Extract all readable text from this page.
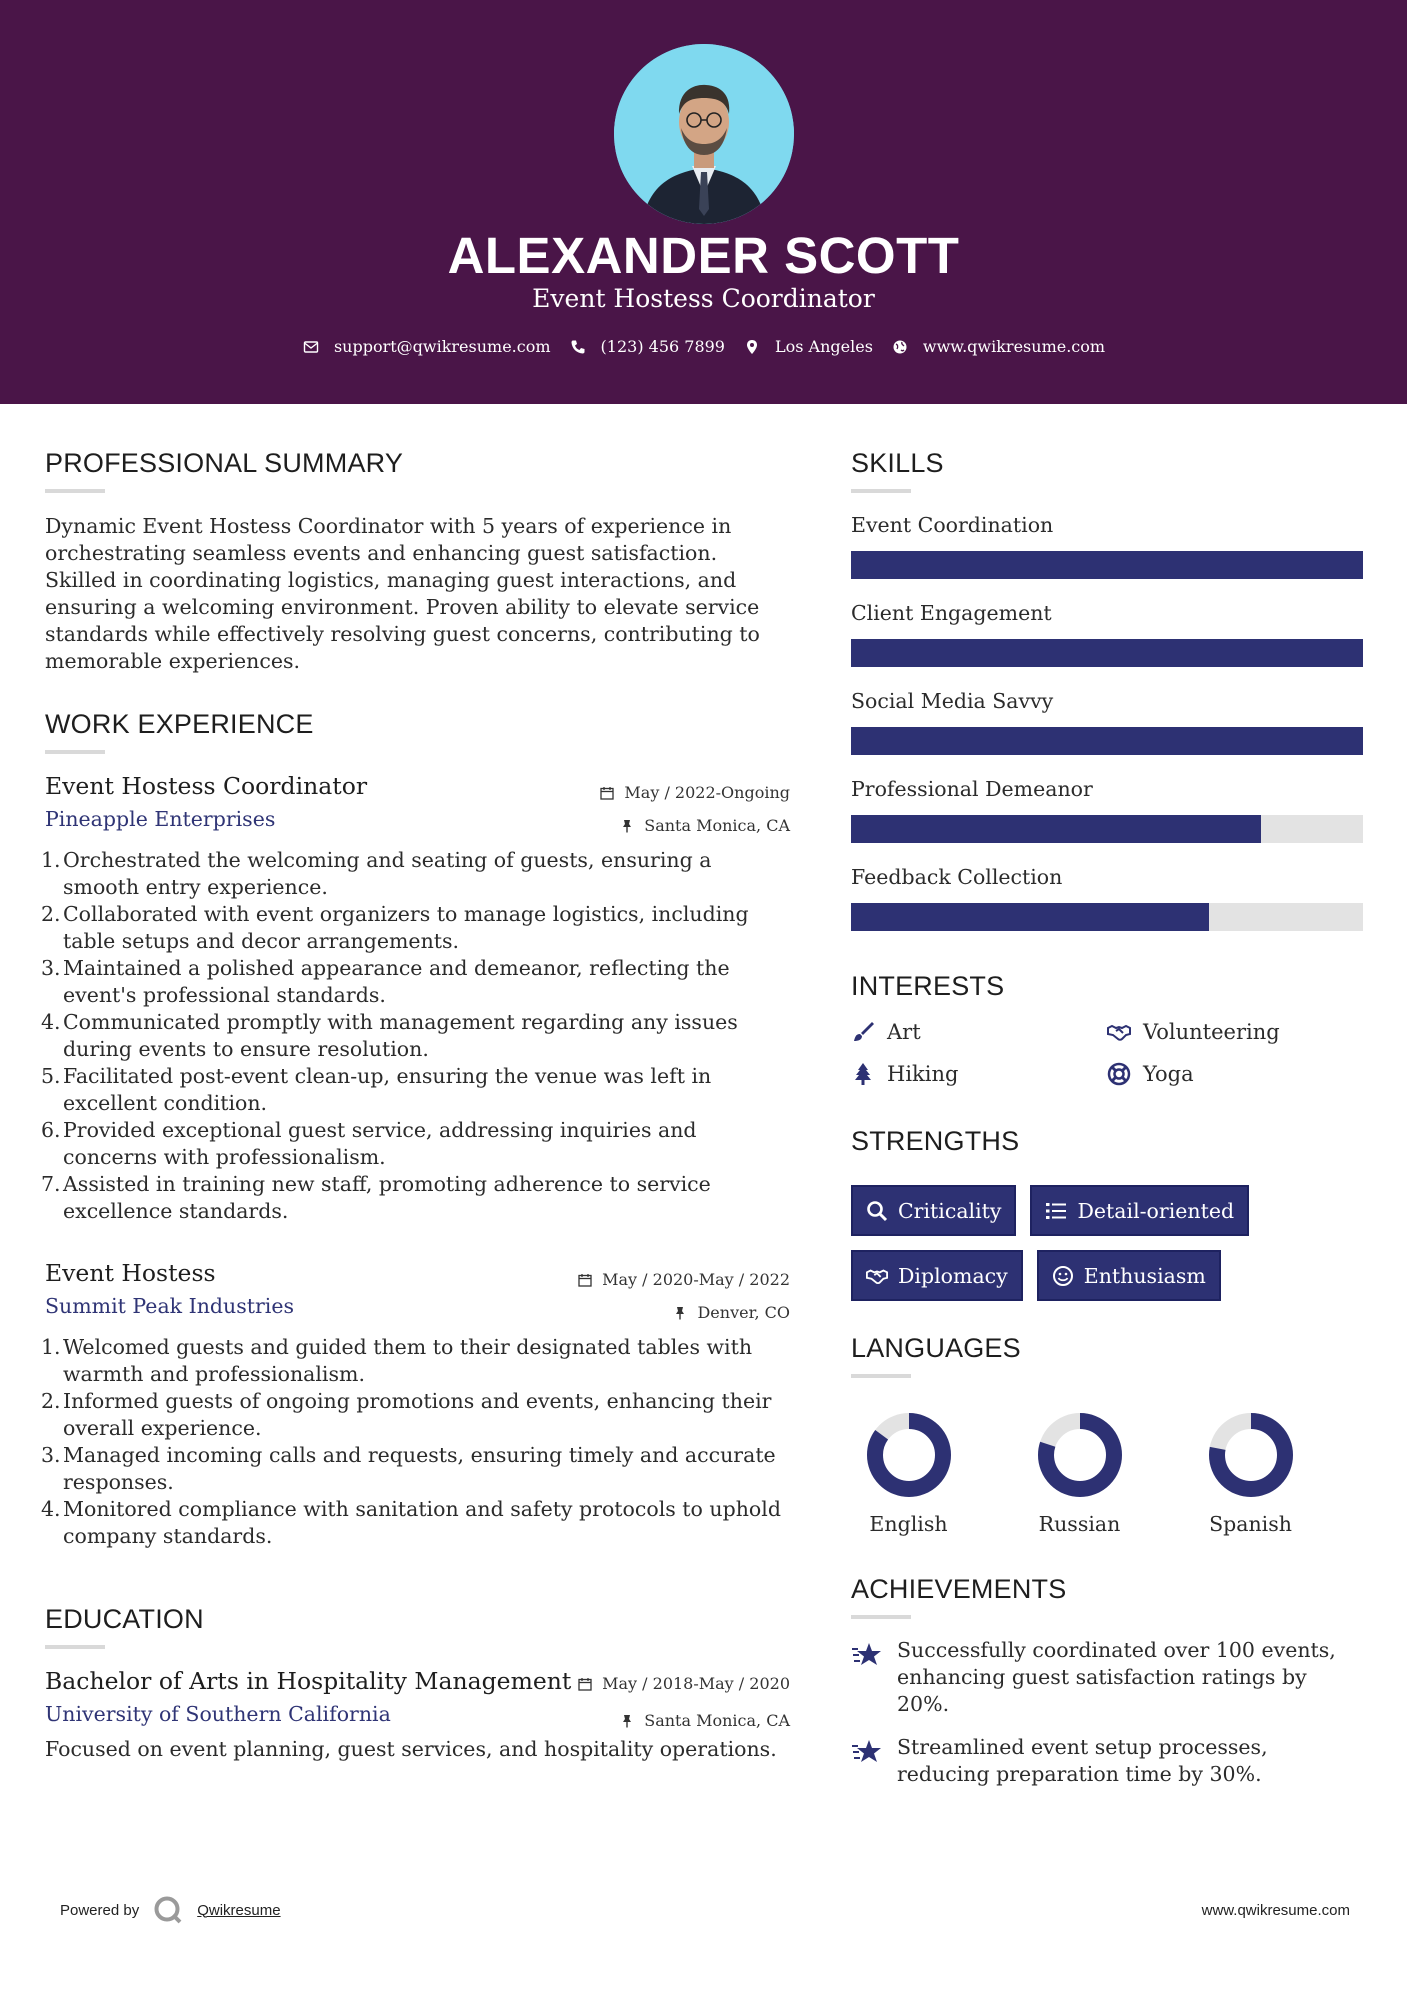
ALEXANDER SCOTT
Event Hostess Coordinator
support@qwikresume.com	(123) 456 7899	Los Angeles	www.qwikresume.com
PROFESSIONAL SUMMARY

Dynamic Event Hostess Coordinator with 5 years of experience in orchestrating seamless events and enhancing guest satisfaction. Skilled in coordinating logistics, managing guest interactions, and ensuring a welcoming environment. Proven ability to elevate service standards while effectively resolving guest concerns, contributing to memorable experiences.

WORK EXPERIENCE
Event Hostess Coordinator
Pineapple Enterprises
May / 2022-Ongoing
Santa Monica, CA
1. Orchestrated the welcoming and seating of guests, ensuring a smooth entry experience.
2. Collaborated with event organizers to manage logistics, including table setups and decor arrangements.
3. Maintained a polished appearance and demeanor, reflecting the event's professional standards.
4. Communicated promptly with management regarding any issues during events to ensure resolution.
5. Facilitated post-event clean-up, ensuring the venue was left in excellent condition.
6. Provided exceptional guest service, addressing inquiries and concerns with professionalism.
7. Assisted in training new staff, promoting adherence to service excellence standards.
Event Hostess
Summit Peak Industries
May / 2020-May / 2022
Denver, CO
1. Welcomed guests and guided them to their designated tables with warmth and professionalism.
2. Informed guests of ongoing promotions and events, enhancing their overall experience.
3. Managed incoming calls and requests, ensuring timely and accurate responses.
4. Monitored compliance with sanitation and safety protocols to uphold company standards.
EDUCATION
Bachelor of Arts in Hospitality Management
University of Southern California
May / 2018-May / 2020
Santa Monica, CA

Focused on event planning, guest services, and hospitality operations.

SKILLS
Event Coordination
Client Engagement
Social Media Savvy
Professional Demeanor
Feedback Collection
INTERESTS
Art	Volunteering
Hiking	Yoga
STRENGTHS
Criticality	Detail-oriented
Diplomacy	Enthusiasm
LANGUAGES
English	Russian	Spanish
ACHIEVEMENTS
Successfully coordinated over 100 events, enhancing guest satisfaction ratings by 20%.
Streamlined event setup processes, reducing preparation time by 30%.
Powered by	Qwikresume	www.qwikresume.com
